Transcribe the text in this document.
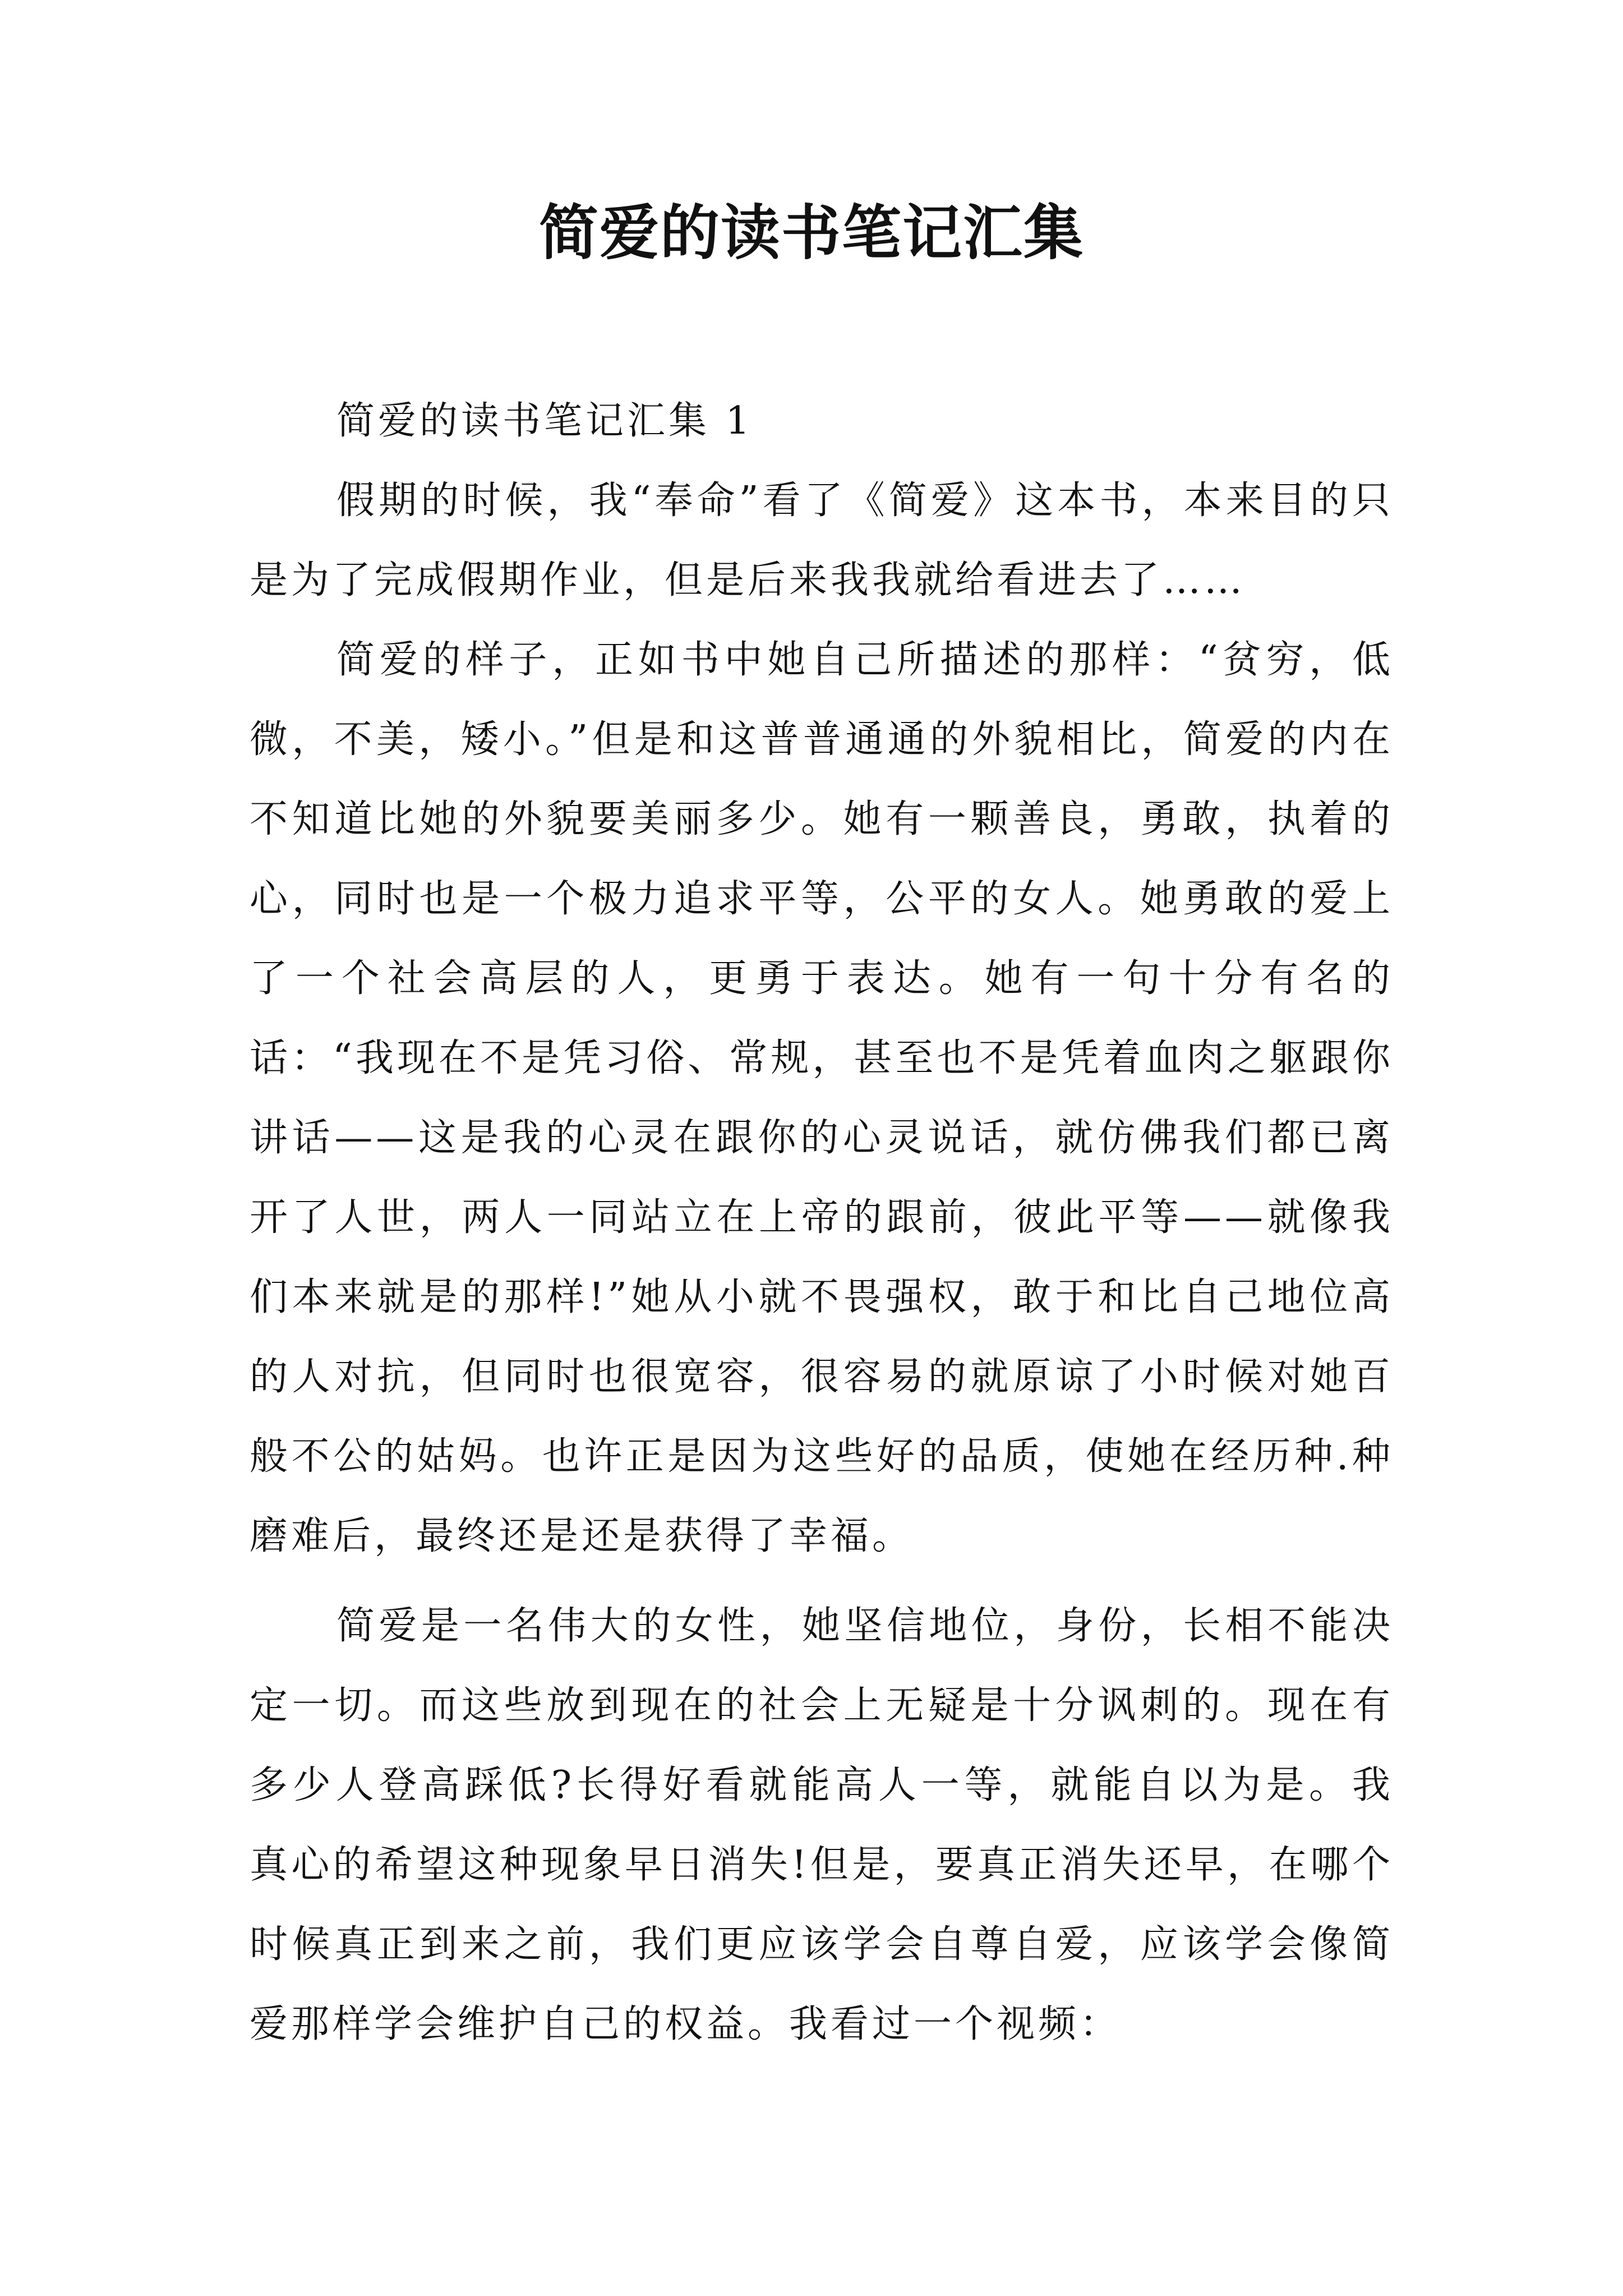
简爱的读书笔记汇集

简爱的读书笔记汇集 1

假期的时候，我“奉命”看了《简爱》这本书，本来目的只是为了完成假期作业，但是后来我我就给看进去了……

简爱的样子，正如书中她自己所描述的那样：“贫穷，低微，不美，矮小。”但是和这普普通通的外貌相比，简爱的内在不知道比她的外貌要美丽多少。她有一颗善良，勇敢，执着的心，同时也是一个极力追求平等，公平的女人。她勇敢的爱上了一个社会高层的人，更勇于表达。她有一句十分有名的话：“我现在不是凭习俗、常规，甚至也不是凭着血肉之躯跟你讲话——这是我的心灵在跟你的心灵说话，就仿佛我们都已离开了人世，两人一同站立在上帝的跟前，彼此平等——就像我们本来就是的那样!”她从小就不畏强权，敢于和比自己地位高的人对抗，但同时也很宽容，很容易的就原谅了小时候对她百般不公的姑妈。也许正是因为这些好的品质，使她在经历种.种磨难后，最终还是还是获得了幸福。

简爱是一名伟大的女性，她坚信地位，身份，长相不能决定一切。而这些放到现在的社会上无疑是十分讽刺的。现在有多少人登高踩低?长得好看就能高人一等，就能自以为是。我真心的希望这种现象早日消失!但是，要真正消失还早，在哪个时候真正到来之前，我们更应该学会自尊自爱，应该学会像简爱那样学会维护自己的权益。我看过一个视频：
